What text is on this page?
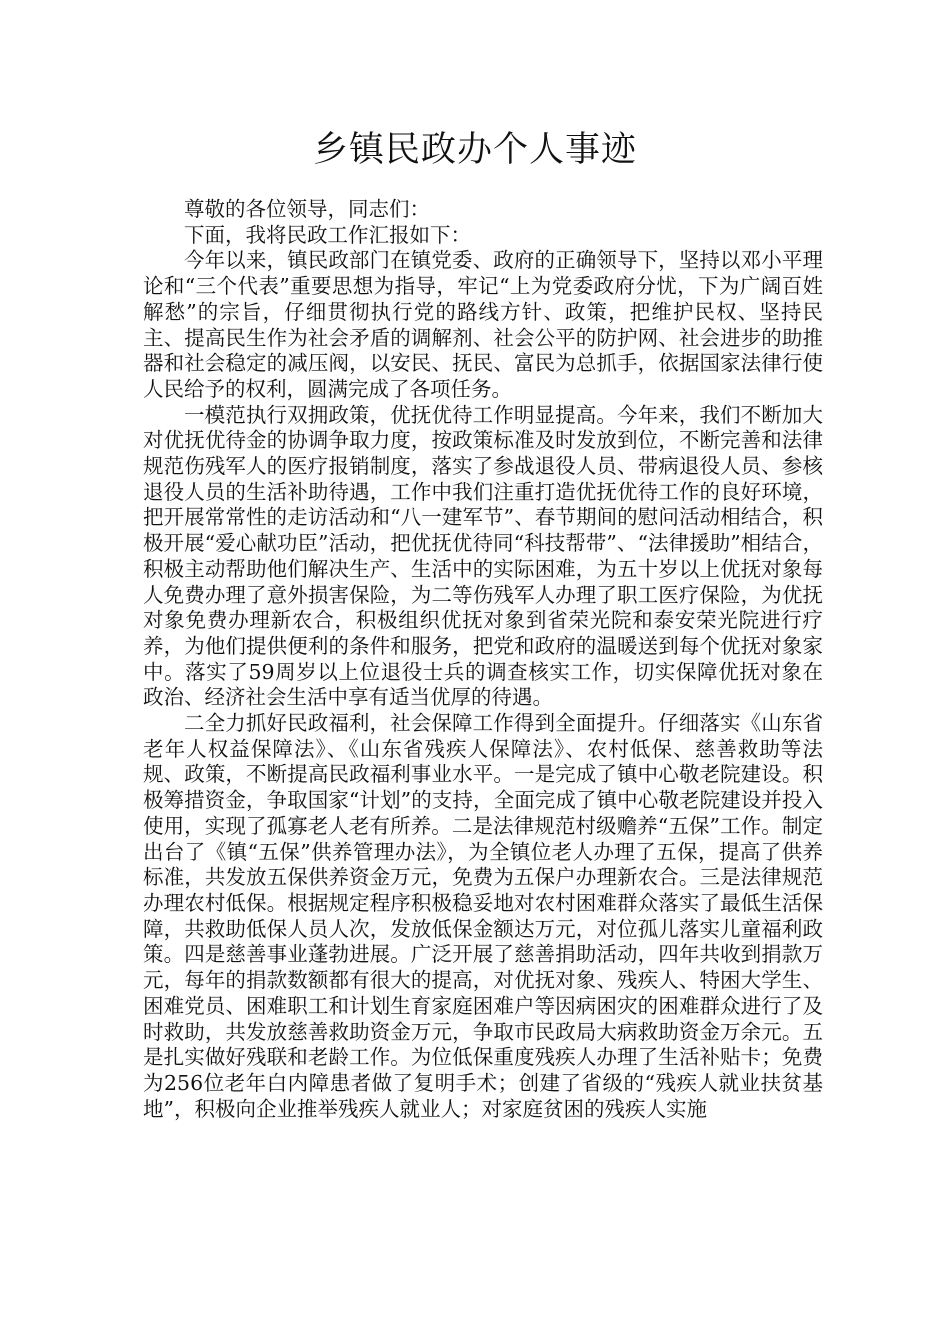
乡镇民政办个人事迹

尊敬的各位领导，同志们：

下面，我将民政工作汇报如下：

今年以来，镇民政部门在镇党委、政府的正确领导下，坚持以邓小平理论和“三个代表”重要思想为指导，牢记“上为党委政府分忧，下为广阔百姓解愁”的宗旨，仔细贯彻执行党的路线方针、政策，把维护民权、坚持民主、提高民生作为社会矛盾的调解剂、社会公平的防护网、社会进步的助推器和社会稳定的减压阀，以安民、抚民、富民为总抓手，依据国家法律行使人民给予的权利，圆满完成了各项任务。

一模范执行双拥政策，优抚优待工作明显提高。今年来，我们不断加大对优抚优待金的协调争取力度，按政策标准及时发放到位，不断完善和法律规范伤残军人的医疗报销制度，落实了参战退役人员、带病退役人员、参核退役人员的生活补助待遇，工作中我们注重打造优抚优待工作的良好环境，把开展常常性的走访活动和“八一建军节”、春节期间的慰问活动相结合，积极开展“爱心献功臣”活动，把优抚优待同“科技帮带”、“法律援助”相结合，积极主动帮助他们解决生产、生活中的实际困难，为五十岁以上优抚对象每人免费办理了意外损害保险，为二等伤残军人办理了职工医疗保险，为优抚对象免费办理新农合，积极组织优抚对象到省荣光院和泰安荣光院进行疗养，为他们提供便利的条件和服务，把党和政府的温暖送到每个优抚对象家中。落实了59周岁以上位退役士兵的调查核实工作，切实保障优抚对象在政治、经济社会生活中享有适当优厚的待遇。

二全力抓好民政福利，社会保障工作得到全面提升。仔细落实《山东省老年人权益保障法》、《山东省残疾人保障法》、农村低保、慈善救助等法规、政策，不断提高民政福利事业水平。一是完成了镇中心敬老院建设。积极筹措资金，争取国家“计划”的支持，全面完成了镇中心敬老院建设并投入使用，实现了孤寡老人老有所养。二是法律规范村级赡养“五保”工作。制定出台了《镇“五保”供养管理办法》，为全镇位老人办理了五保，提高了供养标准，共发放五保供养资金万元，免费为五保户办理新农合。三是法律规范办理农村低保。根据规定程序积极稳妥地对农村困难群众落实了最低生活保障，共救助低保人员人次，发放低保金额达万元，对位孤儿落实儿童福利政策。四是慈善事业蓬勃进展。广泛开展了慈善捐助活动，四年共收到捐款万元，每年的捐款数额都有很大的提高，对优抚对象、残疾人、特困大学生、困难党员、困难职工和计划生育家庭困难户等因病困灾的困难群众进行了及时救助，共发放慈善救助资金万元，争取市民政局大病救助资金万余元。五是扎实做好残联和老龄工作。为位低保重度残疾人办理了生活补贴卡；免费为256位老年白内障患者做了复明手术；创建了省级的“残疾人就业扶贫基地”，积极向企业推举残疾人就业人；对家庭贫困的残疾人实施
